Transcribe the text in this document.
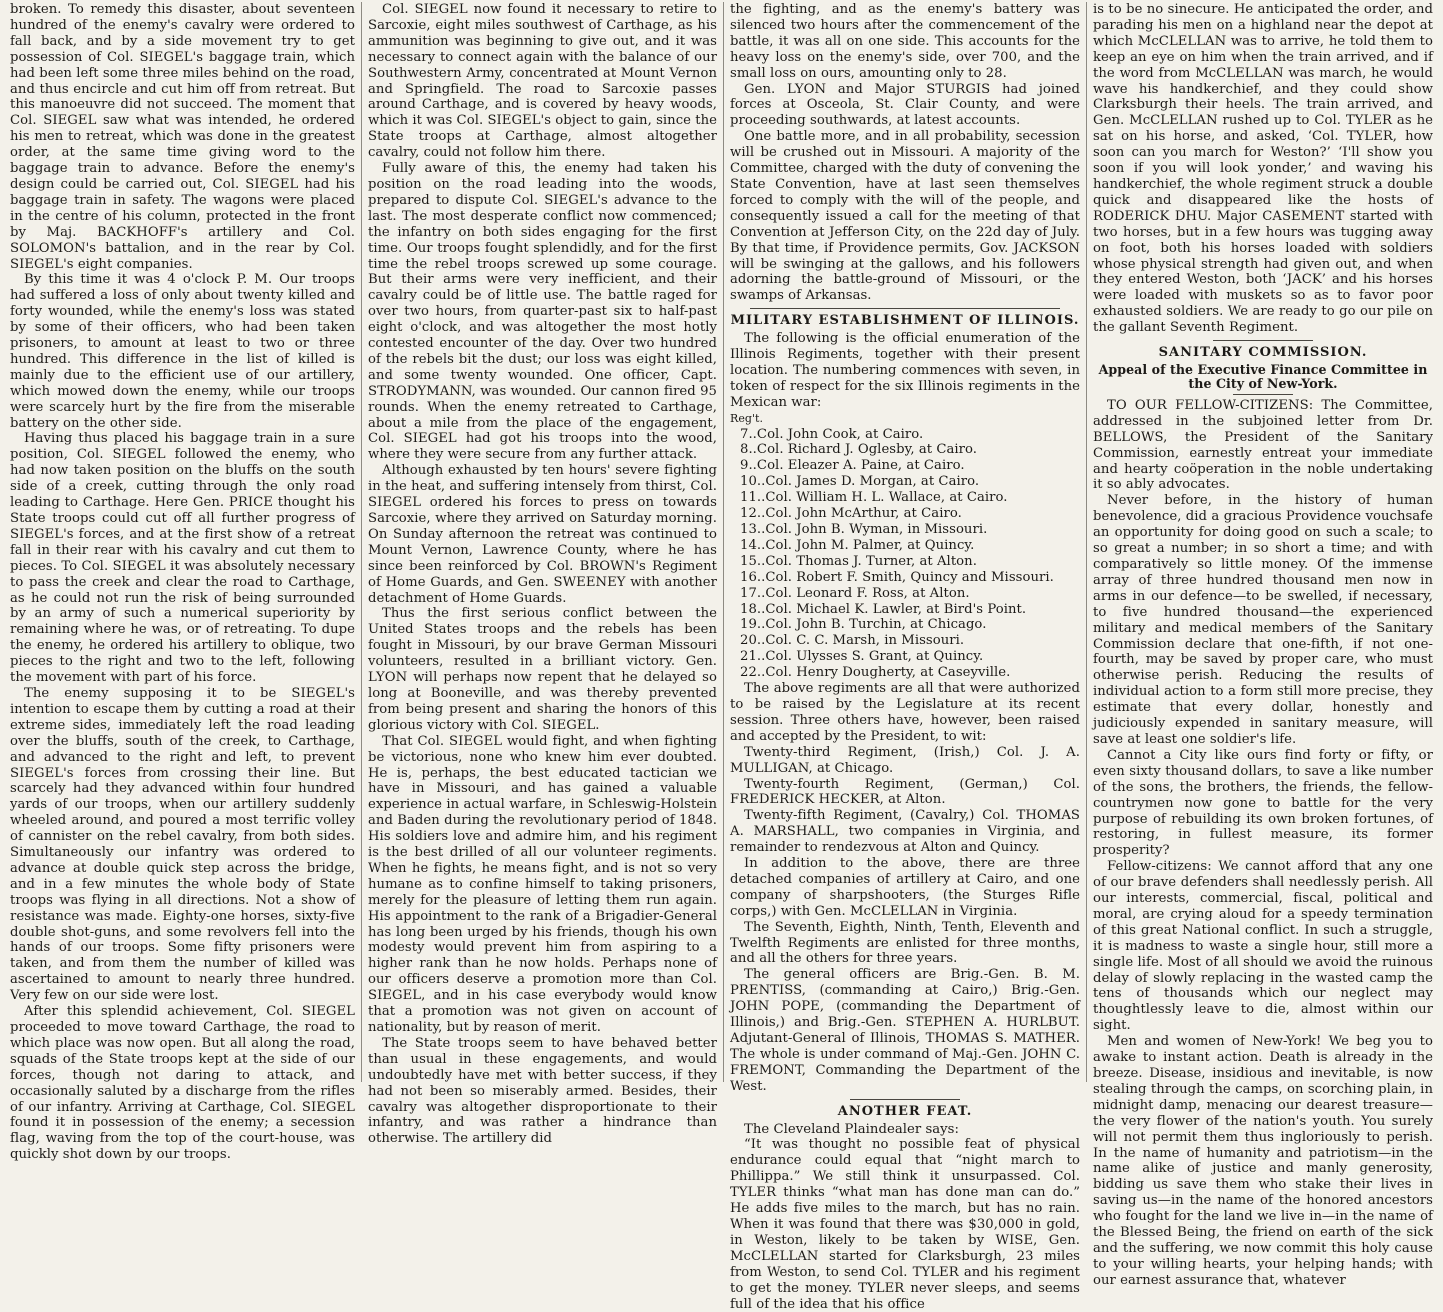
broken. To remedy this disaster, about seventeen hundred of the enemy's cavalry were ordered to fall back, and by a side movement try to get possession of Col. SIEGEL's baggage train, which had been left some three miles behind on the road, and thus encircle and cut him off from retreat. But this manoeuvre did not succeed. The moment that Col. SIEGEL saw what was intended, he ordered his men to retreat, which was done in the greatest order, at the same time giving word to the baggage train to advance. Before the enemy's design could be carried out, Col. SIEGEL had his baggage train in safety. The wagons were placed in the centre of his column, protected in the front by Maj. BACKHOFF's artillery and Col. SOLOMON's battalion, and in the rear by Col. SIEGEL's eight companies.

By this time it was 4 o'clock P. M. Our troops had suffered a loss of only about twenty killed and forty wounded, while the enemy's loss was stated by some of their officers, who had been taken prisoners, to amount at least to two or three hundred. This difference in the list of killed is mainly due to the efficient use of our artillery, which mowed down the enemy, while our troops were scarcely hurt by the fire from the miserable battery on the other side.

Having thus placed his baggage train in a sure position, Col. SIEGEL followed the enemy, who had now taken position on the bluffs on the south side of a creek, cutting through the only road leading to Carthage. Here Gen. PRICE thought his State troops could cut off all further progress of SIEGEL's forces, and at the first show of a retreat fall in their rear with his cavalry and cut them to pieces. To Col. SIEGEL it was absolutely necessary to pass the creek and clear the road to Carthage, as he could not run the risk of being surrounded by an army of such a numerical superiority by remaining where he was, or of retreating. To dupe the enemy, he ordered his artillery to oblique, two pieces to the right and two to the left, following the movement with part of his force.

The enemy supposing it to be SIEGEL's intention to escape them by cutting a road at their extreme sides, immediately left the road leading over the bluffs, south of the creek, to Carthage, and advanced to the right and left, to prevent SIEGEL's forces from crossing their line. But scarcely had they advanced within four hundred yards of our troops, when our artillery suddenly wheeled around, and poured a most terrific volley of cannister on the rebel cavalry, from both sides. Simultaneously our infantry was ordered to advance at double quick step across the bridge, and in a few minutes the whole body of State troops was flying in all directions. Not a show of resistance was made. Eighty-one horses, sixty-five double shot-guns, and some revolvers fell into the hands of our troops. Some fifty prisoners were taken, and from them the number of killed was ascertained to amount to nearly three hundred. Very few on our side were lost.

After this splendid achievement, Col. SIEGEL proceeded to move toward Carthage, the road to which place was now open. But all along the road, squads of the State troops kept at the side of our forces, though not daring to attack, and occasionally saluted by a discharge from the rifles of our infantry. Arriving at Carthage, Col. SIEGEL found it in possession of the enemy; a secession flag, waving from the top of the court-house, was quickly shot down by our troops.

Col. SIEGEL now found it necessary to retire to Sarcoxie, eight miles southwest of Carthage, as his ammunition was beginning to give out, and it was necessary to connect again with the balance of our Southwestern Army, concentrated at Mount Vernon and Springfield. The road to Sarcoxie passes around Carthage, and is covered by heavy woods, which it was Col. SIEGEL's object to gain, since the State troops at Carthage, almost altogether cavalry, could not follow him there.

Fully aware of this, the enemy had taken his position on the road leading into the woods, prepared to dispute Col. SIEGEL's advance to the last. The most desperate conflict now commenced; the infantry on both sides engaging for the first time. Our troops fought splendidly, and for the first time the rebel troops screwed up some courage. But their arms were very inefficient, and their cavalry could be of little use. The battle raged for over two hours, from quarter-past six to half-past eight o'clock, and was altogether the most hotly contested encounter of the day. Over two hundred of the rebels bit the dust; our loss was eight killed, and some twenty wounded. One officer, Capt. STRODYMANN, was wounded. Our cannon fired 95 rounds. When the enemy retreated to Carthage, about a mile from the place of the engagement, Col. SIEGEL had got his troops into the wood, where they were secure from any further attack.

Although exhausted by ten hours' severe fighting in the heat, and suffering intensely from thirst, Col. SIEGEL ordered his forces to press on towards Sarcoxie, where they arrived on Saturday morning. On Sunday afternoon the retreat was continued to Mount Vernon, Lawrence County, where he has since been reinforced by Col. BROWN's Regiment of Home Guards, and Gen. SWEENEY with another detachment of Home Guards.

Thus the first serious conflict between the United States troops and the rebels has been fought in Missouri, by our brave German Missouri volunteers, resulted in a brilliant victory. Gen. LYON will perhaps now repent that he delayed so long at Booneville, and was thereby prevented from being present and sharing the honors of this glorious victory with Col. SIEGEL.

That Col. SIEGEL would fight, and when fighting be victorious, none who knew him ever doubted. He is, perhaps, the best educated tactician we have in Missouri, and has gained a valuable experience in actual warfare, in Schleswig-Holstein and Baden during the revolutionary period of 1848. His soldiers love and admire him, and his regiment is the best drilled of all our volunteer regiments. When he fights, he means fight, and is not so very humane as to confine himself to taking prisoners, merely for the pleasure of letting them run again. His appointment to the rank of a Brigadier-General has long been urged by his friends, though his own modesty would prevent him from aspiring to a higher rank than he now holds. Perhaps none of our officers deserve a promotion more than Col. SIEGEL, and in his case everybody would know that a promotion was not given on account of nationality, but by reason of merit.

The State troops seem to have behaved better than usual in these engagements, and would undoubtedly have met with better success, if they had not been so miserably armed. Besides, their cavalry was altogether disproportionate to their infantry, and was rather a hindrance than otherwise. The artillery did

the fighting, and as the enemy's battery was silenced two hours after the commencement of the battle, it was all on one side. This accounts for the heavy loss on the enemy's side, over 700, and the small loss on ours, amounting only to 28.

Gen. LYON and Major STURGIS had joined forces at Osceola, St. Clair County, and were proceeding southwards, at latest accounts.

One battle more, and in all probability, secession will be crushed out in Missouri. A majority of the Committee, charged with the duty of convening the State Convention, have at last seen themselves forced to comply with the will of the people, and consequently issued a call for the meeting of that Convention at Jefferson City, on the 22d day of July. By that time, if Providence permits, Gov. JACKSON will be swinging at the gallows, and his followers adorning the battle-ground of Missouri, or the swamps of Arkansas.

MILITARY ESTABLISHMENT OF ILLINOIS.

The following is the official enumeration of the Illinois Regiments, together with their present location. The numbering commences with seven, in token of respect for the six Illinois regiments in the Mexican war:

Reg't.

7..Col. John Cook, at Cairo.

8..Col. Richard J. Oglesby, at Cairo.

9..Col. Eleazer A. Paine, at Cairo.

10..Col. James D. Morgan, at Cairo.

11..Col. William H. L. Wallace, at Cairo.

12..Col. John McArthur, at Cairo.

13..Col. John B. Wyman, in Missouri.

14..Col. John M. Palmer, at Quincy.

15..Col. Thomas J. Turner, at Alton.

16..Col. Robert F. Smith, Quincy and Missouri.

17..Col. Leonard F. Ross, at Alton.

18..Col. Michael K. Lawler, at Bird's Point.

19..Col. John B. Turchin, at Chicago.

20..Col. C. C. Marsh, in Missouri.

21..Col. Ulysses S. Grant, at Quincy.

22..Col. Henry Dougherty, at Caseyville.

The above regiments are all that were authorized to be raised by the Legislature at its recent session. Three others have, however, been raised and accepted by the President, to wit:

Twenty-third Regiment, (Irish,) Col. J. A. MULLIGAN, at Chicago.

Twenty-fourth Regiment, (German,) Col. FREDERICK HECKER, at Alton.

Twenty-fifth Regiment, (Cavalry,) Col. THOMAS A. MARSHALL, two companies in Virginia, and remainder to rendezvous at Alton and Quincy.

In addition to the above, there are three detached companies of artillery at Cairo, and one company of sharpshooters, (the Sturges Rifle corps,) with Gen. McCLELLAN in Virginia.

The Seventh, Eighth, Ninth, Tenth, Eleventh and Twelfth Regiments are enlisted for three months, and all the others for three years.

The general officers are Brig.-Gen. B. M. PRENTISS, (commanding at Cairo,) Brig.-Gen. JOHN POPE, (commanding the Department of Illinois,) and Brig.-Gen. STEPHEN A. HURLBUT. Adjutant-General of Illinois, THOMAS S. MATHER. The whole is under command of Maj.-Gen. JOHN C. FREMONT, Commanding the Department of the West.

ANOTHER FEAT.

The Cleveland Plaindealer says:

“It was thought no possible feat of physical endurance could equal that “night march to Phillippa.” We still think it unsurpassed. Col. TYLER thinks “what man has done man can do.” He adds five miles to the march, but has no rain. When it was found that there was $30,000 in gold, in Weston, likely to be taken by WISE, Gen. McCLELLAN started for Clarksburgh, 23 miles from Weston, to send Col. TYLER and his regiment to get the money. TYLER never sleeps, and seems full of the idea that his office

is to be no sinecure. He anticipated the order, and parading his men on a highland near the depot at which McCLELLAN was to arrive, he told them to keep an eye on him when the train arrived, and if the word from McCLELLAN was march, he would wave his handkerchief, and they could show Clarksburgh their heels. The train arrived, and Gen. McCLELLAN rushed up to Col. TYLER as he sat on his horse, and asked, ‘Col. TYLER, how soon can you march for Weston?’ ‘I'll show you soon if you will look yonder,’ and waving his handkerchief, the whole regiment struck a double quick and disappeared like the hosts of RODERICK DHU. Major CASEMENT started with two horses, but in a few hours was tugging away on foot, both his horses loaded with soldiers whose physical strength had given out, and when they entered Weston, both ‘JACK’ and his horses were loaded with muskets so as to favor poor exhausted soldiers. We are ready to go our pile on the gallant Seventh Regiment.

SANITARY COMMISSION.

Appeal of the Executive Finance Committee in the City of New-York.

TO OUR FELLOW-CITIZENS: The Committee, addressed in the subjoined letter from Dr. BELLOWS, the President of the Sanitary Commission, earnestly entreat your immediate and hearty coöperation in the noble undertaking it so ably advocates.

Never before, in the history of human benevolence, did a gracious Providence vouchsafe an opportunity for doing good on such a scale; to so great a number; in so short a time; and with comparatively so little money. Of the immense array of three hundred thousand men now in arms in our defence—to be swelled, if necessary, to five hundred thousand—the experienced military and medical members of the Sanitary Commission declare that one-fifth, if not one-fourth, may be saved by proper care, who must otherwise perish. Reducing the results of individual action to a form still more precise, they estimate that every dollar, honestly and judiciously expended in sanitary measure, will save at least one soldier's life.

Cannot a City like ours find forty or fifty, or even sixty thousand dollars, to save a like number of the sons, the brothers, the friends, the fellow-countrymen now gone to battle for the very purpose of rebuilding its own broken fortunes, of restoring, in fullest measure, its former prosperity?

Fellow-citizens: We cannot afford that any one of our brave defenders shall needlessly perish. All our interests, commercial, fiscal, political and moral, are crying aloud for a speedy termination of this great National conflict. In such a struggle, it is madness to waste a single hour, still more a single life. Most of all should we avoid the ruinous delay of slowly replacing in the wasted camp the tens of thousands which our neglect may thoughtlessly leave to die, almost within our sight.

Men and women of New-York! We beg you to awake to instant action. Death is already in the breeze. Disease, insidious and inevitable, is now stealing through the camps, on scorching plain, in midnight damp, menacing our dearest treasure—the very flower of the nation's youth. You surely will not permit them thus ingloriously to perish. In the name of humanity and patriotism—in the name alike of justice and manly generosity, bidding us save them who stake their lives in saving us—in the name of the honored ancestors who fought for the land we live in—in the name of the Blessed Being, the friend on earth of the sick and the suffering, we now commit this holy cause to your willing hearts, your helping hands; with our earnest assurance that, whatever
